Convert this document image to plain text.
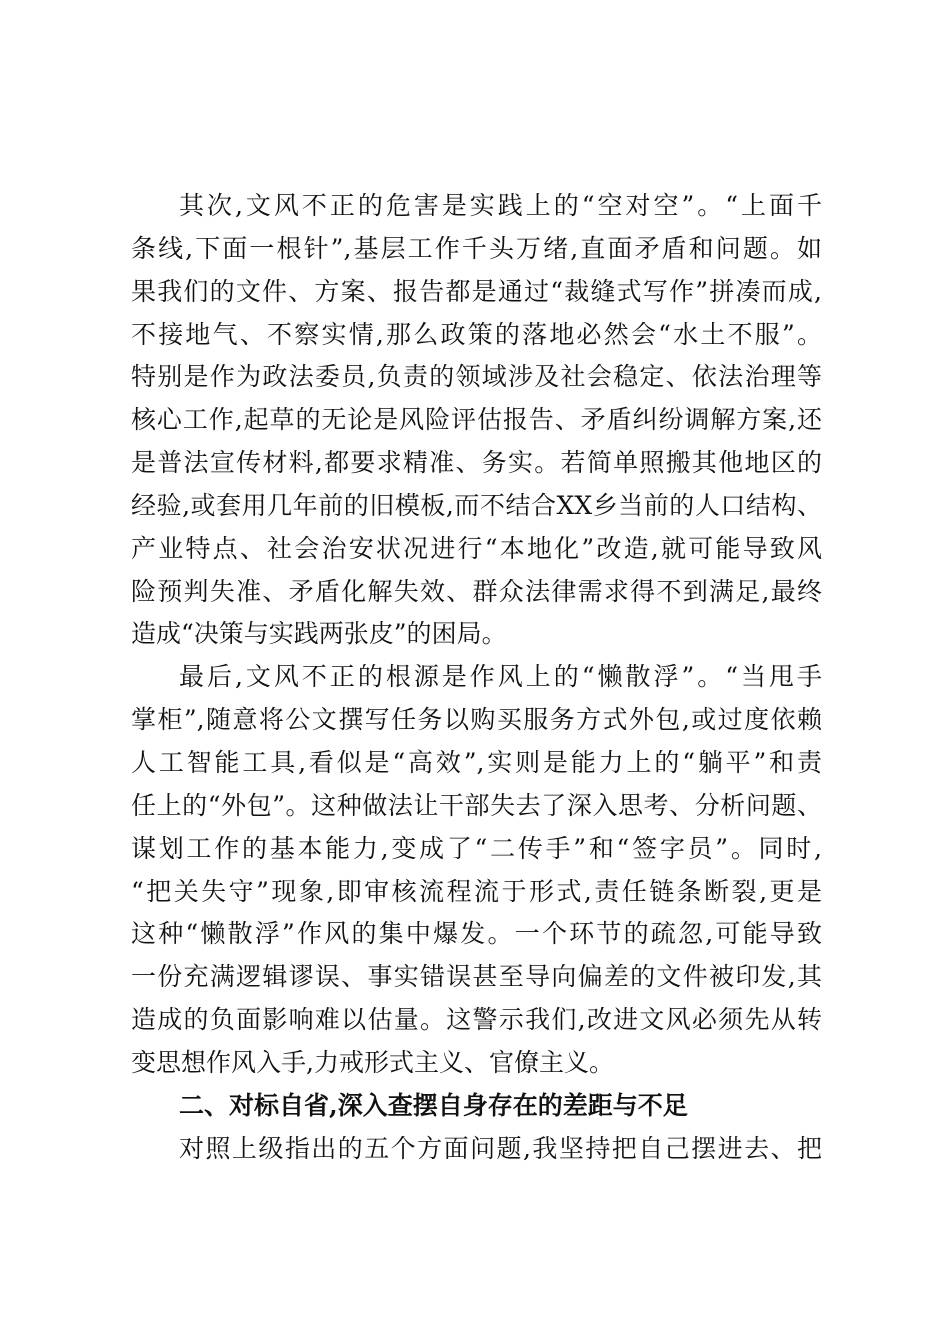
其次,文风不正的危害是实践上的“空对空”。“上面千
条线,下面一根针”,基层工作千头万绪,直面矛盾和问题。如
果我们的文件、方案、报告都是通过“裁缝式写作”拼凑而成,
不接地气、不察实情,那么政策的落地必然会“水土不服”。
特别是作为政法委员,负责的领域涉及社会稳定、依法治理等
核心工作,起草的无论是风险评估报告、矛盾纠纷调解方案,还
是普法宣传材料,都要求精准、务实。若简单照搬其他地区的
经验,或套用几年前的旧模板,而不结合XX乡当前的人口结构、
产业特点、社会治安状况进行“本地化”改造,就可能导致风
险预判失准、矛盾化解失效、群众法律需求得不到满足,最终
造成“决策与实践两张皮”的困局。
最后,文风不正的根源是作风上的“懒散浮”。“当甩手
掌柜”,随意将公文撰写任务以购买服务方式外包,或过度依赖
人工智能工具,看似是“高效”,实则是能力上的“躺平”和责
任上的“外包”。这种做法让干部失去了深入思考、分析问题、
谋划工作的基本能力,变成了“二传手”和“签字员”。同时,
“把关失守”现象,即审核流程流于形式,责任链条断裂,更是
这种“懒散浮”作风的集中爆发。一个环节的疏忽,可能导致
一份充满逻辑谬误、事实错误甚至导向偏差的文件被印发,其
造成的负面影响难以估量。这警示我们,改进文风必须先从转
变思想作风入手,力戒形式主义、官僚主义。
二、对标自省,深入查摆自身存在的差距与不足
对照上级指出的五个方面问题,我坚持把自己摆进去、把
